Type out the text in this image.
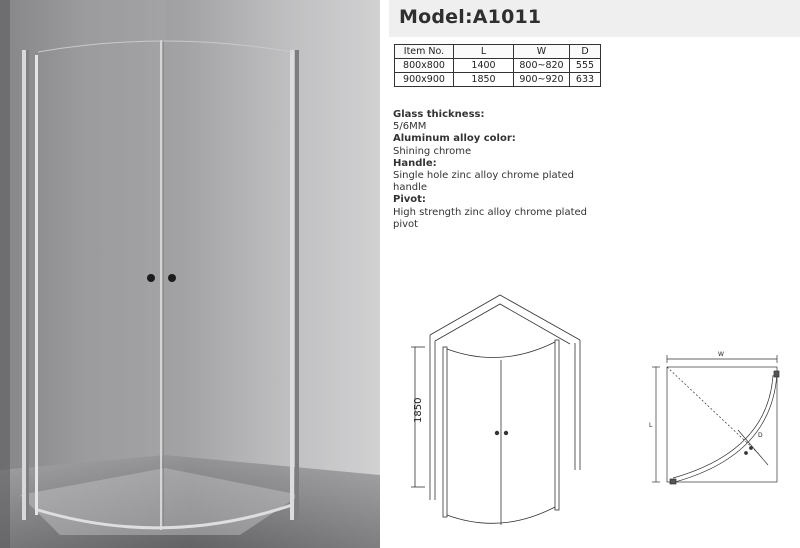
Model:A1011
Item No.	L	W	D
800x800	1400	800~820	555
900x900	1850	900~920	633
Glass thickness:
5/6MM
Aluminum alloy color:
Shining chrome
Handle:
Single hole zinc alloy chrome plated
handle
Pivot:
High strength zinc alloy chrome plated
pivot
1850
W
L
D
